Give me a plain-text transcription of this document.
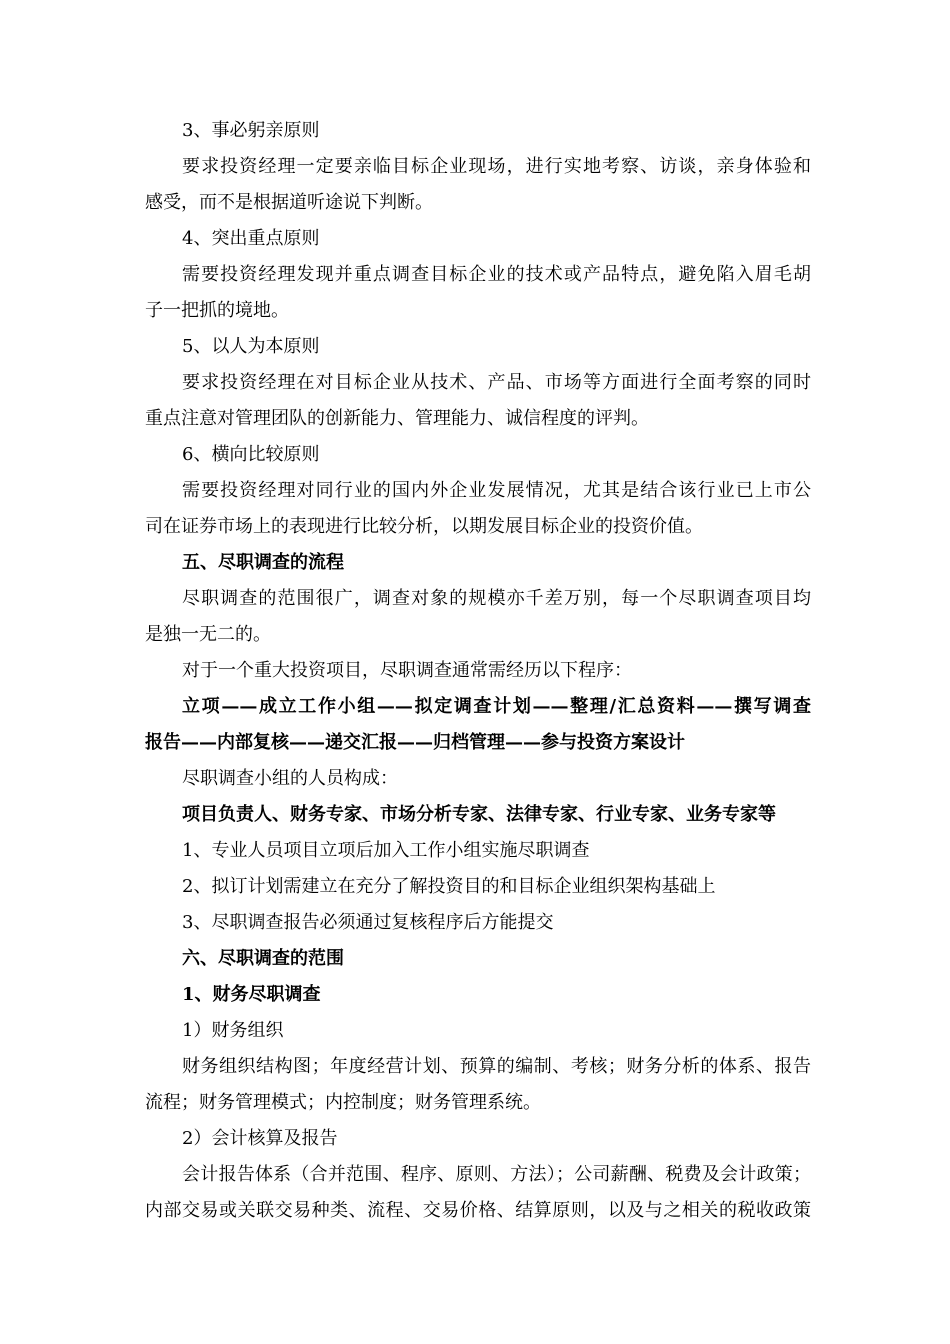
3、事必躬亲原则
要求投资经理一定要亲临目标企业现场，进行实地考察、访谈，亲身体验和
感受，而不是根据道听途说下判断。
4、突出重点原则
需要投资经理发现并重点调查目标企业的技术或产品特点，避免陷入眉毛胡
子一把抓的境地。
5、以人为本原则
要求投资经理在对目标企业从技术、产品、市场等方面进行全面考察的同时
重点注意对管理团队的创新能力、管理能力、诚信程度的评判。
6、横向比较原则
需要投资经理对同行业的国内外企业发展情况，尤其是结合该行业已上市公
司在证券市场上的表现进行比较分析，以期发展目标企业的投资价值。
五、尽职调查的流程
尽职调查的范围很广，调查对象的规模亦千差万别，每一个尽职调查项目均
是独一无二的。
对于一个重大投资项目，尽职调查通常需经历以下程序：
立项——成立工作小组——拟定调查计划——整理/汇总资料——撰写调查
报告——内部复核——递交汇报——归档管理——参与投资方案设计
尽职调查小组的人员构成：
项目负责人、财务专家、市场分析专家、法律专家、行业专家、业务专家等
1、专业人员项目立项后加入工作小组实施尽职调查
2、拟订计划需建立在充分了解投资目的和目标企业组织架构基础上
3、尽职调查报告必须通过复核程序后方能提交
六、尽职调查的范围
1、财务尽职调查
1）财务组织
财务组织结构图；年度经营计划、预算的编制、考核；财务分析的体系、报告
流程；财务管理模式；内控制度；财务管理系统。
2）会计核算及报告
会计报告体系（合并范围、程序、原则、方法）；公司薪酬、税费及会计政策；
内部交易或关联交易种类、流程、交易价格、结算原则，以及与之相关的税收政策
